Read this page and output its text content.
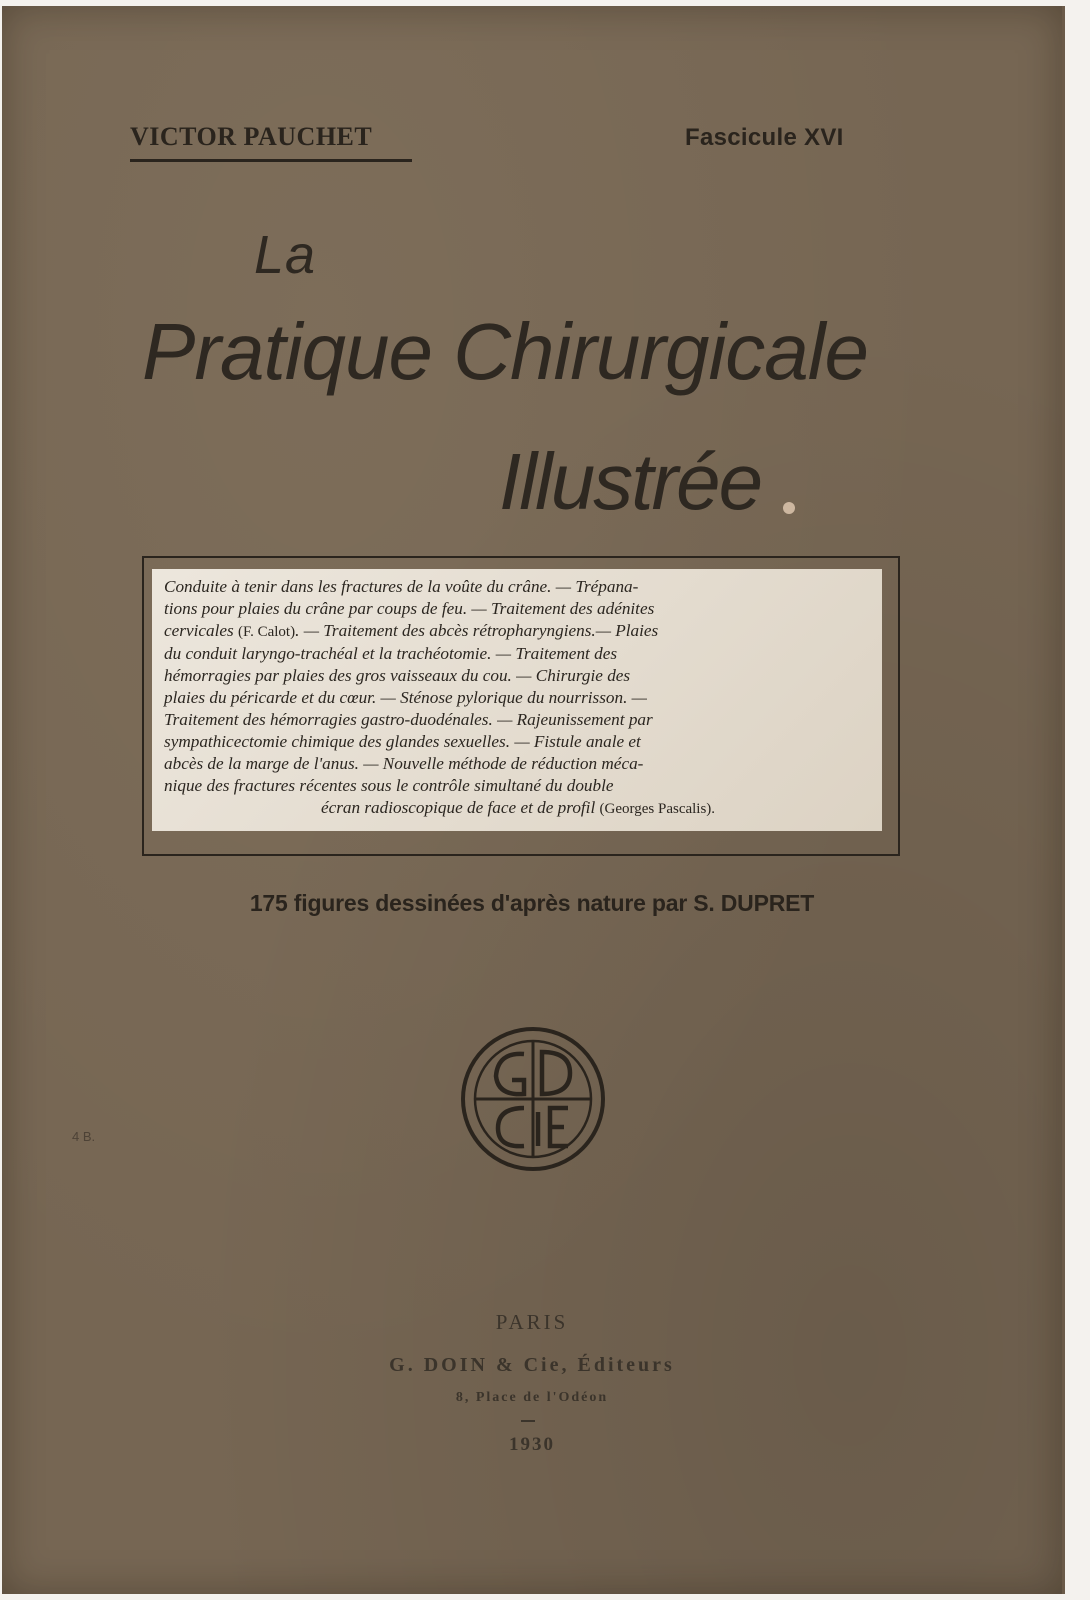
VICTOR PAUCHET	Fascicule XVI
La
Pratique Chirurgicale
Illustrée
Conduite à tenir dans les fractures de la voûte du crâne. — Trépana-
tions pour plaies du crâne par coups de feu. — Traitement des adénites
cervicales (F. Calot). — Traitement des abcès rétropharyngiens.— Plaies
du conduit laryngo-trachéal et la trachéotomie. — Traitement des
hémorragies par plaies des gros vaisseaux du cou. — Chirurgie des
plaies du péricarde et du cœur. — Sténose pylorique du nourrisson. —
Traitement des hémorragies gastro-duodénales. — Rajeunissement par
sympathicectomie chimique des glandes sexuelles. — Fistule anale et
abcès de la marge de l'anus. — Nouvelle méthode de réduction méca-
nique des fractures récentes sous le contrôle simultané du double
écran radioscopique de face et de profil (Georges Pascalis).
175 figures dessinées d'après nature par S. DUPRET
4 B.
PARIS
G. DOIN & Cie, Éditeurs
8, Place de l'Odéon
1930
